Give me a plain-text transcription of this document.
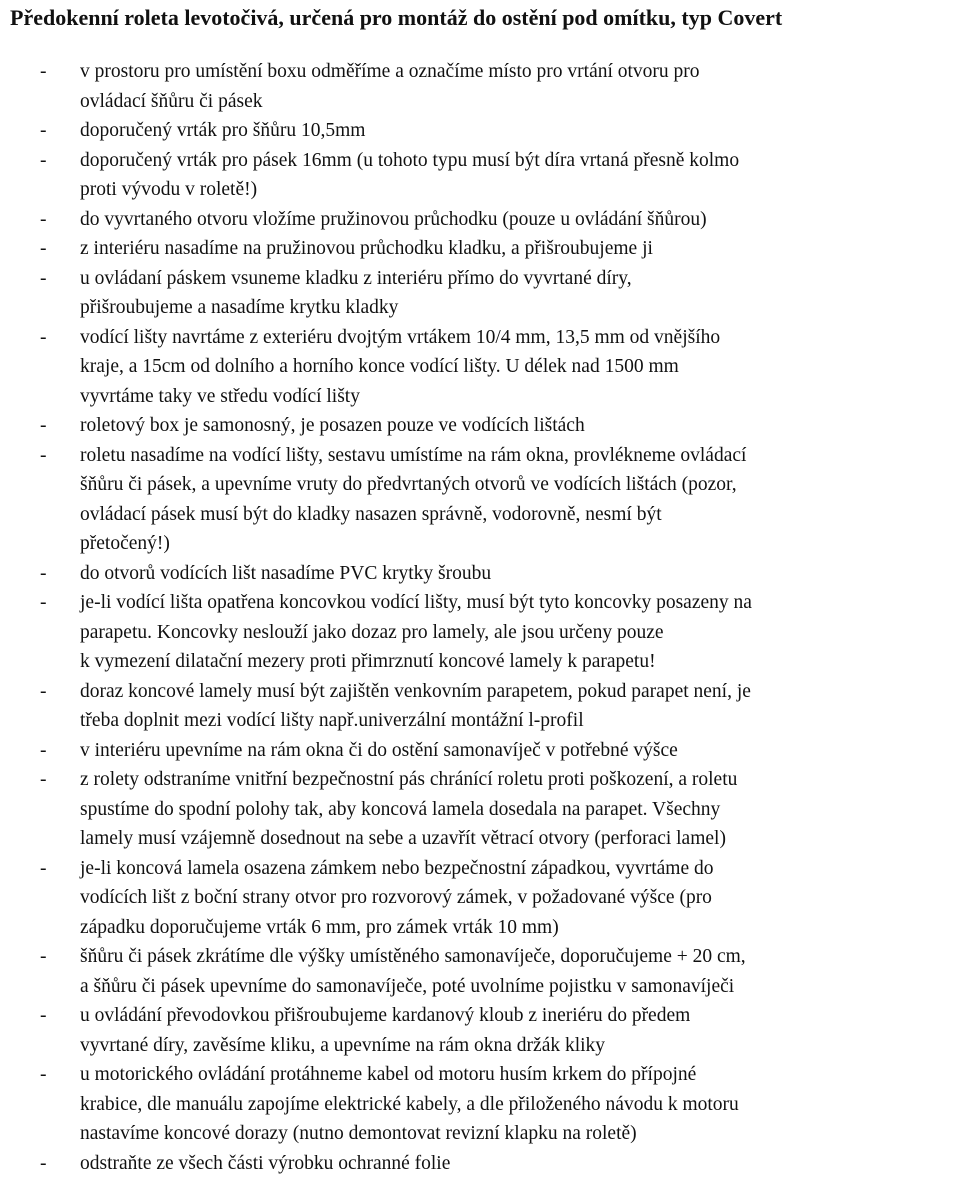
Předokenní roleta levotočivá, určená pro montáž do ostění pod omítku, typ Covert
- v prostoru pro umístění boxu odměříme a označíme místo pro vrtání otvoru pro
ovládací šňůru či pásek
- doporučený vrták pro šňůru 10,5mm
- doporučený vrták pro pásek 16mm (u tohoto typu musí být díra vrtaná přesně kolmo
proti vývodu v roletě!)
- do vyvrtaného otvoru vložíme pružinovou průchodku (pouze u ovládání šňůrou)
- z interiéru nasadíme na pružinovou průchodku kladku, a přišroubujeme ji
- u ovládaní páskem vsuneme kladku z interiéru přímo do vyvrtané díry,
přišroubujeme a nasadíme krytku kladky
- vodící lišty navrtáme z exteriéru dvojtým vrtákem 10/4 mm, 13,5 mm od vnějšího
kraje, a 15cm od dolního a horního konce vodící lišty. U délek nad 1500 mm
vyvrtáme taky ve středu vodící lišty
- roletový box je samonosný, je posazen pouze ve vodících lištách
- roletu nasadíme na vodící lišty, sestavu umístíme na rám okna, provlékneme ovládací
šňůru či pásek, a upevníme vruty do předvrtaných otvorů ve vodících lištách (pozor,
ovládací pásek musí být do kladky nasazen správně, vodorovně, nesmí být
přetočený!)
- do otvorů vodících lišt nasadíme PVC krytky šroubu
- je-li vodící lišta opatřena koncovkou vodící lišty, musí být tyto koncovky posazeny na
parapetu. Koncovky neslouží jako dozaz pro lamely, ale jsou určeny pouze
k vymezení dilatační mezery proti přimrznutí koncové lamely k parapetu!
- doraz koncové lamely musí být zajištěn venkovním parapetem, pokud parapet není, je
třeba doplnit mezi vodící lišty např.univerzální montážní l-profil
- v interiéru upevníme na rám okna či do ostění samonavíječ v potřebné výšce
- z rolety odstraníme vnitřní bezpečnostní pás chránící roletu proti poškození, a roletu
spustíme do spodní polohy tak, aby koncová lamela dosedala na parapet. Všechny
lamely musí vzájemně dosednout na sebe a uzavřít větrací otvory (perforaci lamel)
- je-li koncová lamela osazena zámkem nebo bezpečnostní západkou, vyvrtáme do
vodících lišt z boční strany otvor pro rozvorový zámek, v požadované výšce (pro
západku doporučujeme vrták 6 mm, pro zámek vrták 10 mm)
- šňůru či pásek zkrátíme dle výšky umístěného samonavíječe, doporučujeme + 20 cm,
a šňůru či pásek upevníme do samonavíječe, poté uvolníme pojistku v samonavíječi
- u ovládání převodovkou přišroubujeme kardanový kloub z ineriéru do předem
vyvrtané díry, zavěsíme kliku, a upevníme na rám okna držák kliky
- u motorického ovládání protáhneme kabel od motoru husím krkem do přípojné
krabice, dle manuálu zapojíme elektrické kabely, a dle přiloženého návodu k motoru
nastavíme koncové dorazy (nutno demontovat revizní klapku na roletě)
- odstraňte ze všech části výrobku ochranné folie
